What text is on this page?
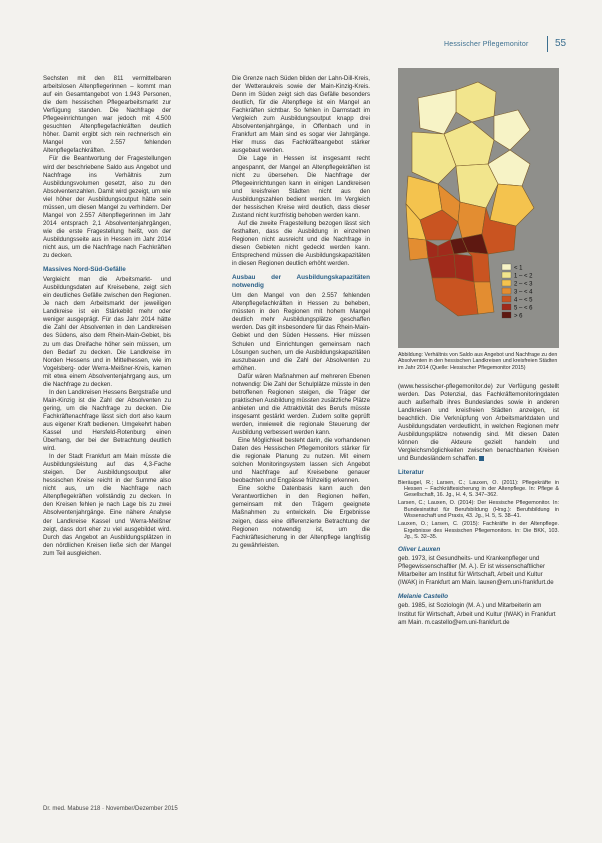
Hessischer Pflegemonitor	55

Sechsten mit den 811 vermittelbaren arbeitslosen Altenpflegerinnen – kommt man auf ein Gesamtangebot von 1.943 Personen, die dem hessischen Pflegearbeitsmarkt zur Verfügung standen. Die Nachfrage der Pflegeeinrichtungen war jedoch mit 4.500 gesuchten Altenpflegefachkräften deutlich höher. Damit ergibt sich rein rechnerisch ein Mangel von 2.557 fehlenden Altenpflegefachkräften.

Für die Beantwortung der Fragestellungen wird der beschriebene Saldo aus Angebot und Nachfrage ins Verhältnis zum Ausbildungsvolumen gesetzt, also zu den Absolventenzahlen. Damit wird gezeigt, um wie viel höher der Ausbildungsoutput hätte sein müssen, um diesen Mangel zu verhindern. Der Mangel von 2.557 Altenpflegerinnen im Jahr 2014 entsprach 2,1 Absolventenjahrgängen, wie die erste Fragestellung heißt, von der Ausbildungsseite aus in Hessen im Jahr 2014 nicht aus, um die Nachfrage nach Fachkräften zu decken.

Massives Nord-Süd-Gefälle

Vergleicht man die Arbeitsmarkt- und Ausbildungsdaten auf Kreisebene, zeigt sich ein deutliches Gefälle zwischen den Regionen. Je nach dem Arbeitsmarkt der jeweiligen Landkreise ist ein Stärkebild mehr oder weniger ausgeprägt. Für das Jahr 2014 hätte die Zahl der Absolventen in den Landkreisen des Südens, also dem Rhein-Main-Gebiet, bis zu um das Dreifache höher sein müssen, um den Bedarf zu decken. Die Landkreise im Norden Hessens und in Mittelhessen, wie im Vogelsberg- oder Werra-Meißner-Kreis, kamen mit etwa einem Absolventenjahrgang aus, um die Nachfrage zu decken.

In den Landkreisen Hessens Bergstraße und Main-Kinzig ist die Zahl der Absolventen zu gering, um die Nachfrage zu decken. Die Fachkräftenachfrage lässt sich dort also kaum aus eigener Kraft bedienen. Umgekehrt haben Kassel und Hersfeld-Rotenburg einen Überhang, der bei der Betrachtung deutlich wird.

In der Stadt Frankfurt am Main müsste die Ausbildungsleistung auf das 4,3-Fache steigen. Der Ausbildungsoutput aller hessischen Kreise reicht in der Summe also nicht aus, um die Nachfrage nach Altenpflegekräften vollständig zu decken. In den Kreisen fehlen je nach Lage bis zu zwei Absolventenjahrgänge. Eine nähere Analyse der Landkreise Kassel und Werra-Meißner zeigt, dass dort eher zu viel ausgebildet wird. Durch das Angebot an Ausbildungsplätzen in den nördlichen Kreisen ließe sich der Mangel zum Teil ausgleichen.

Die Grenze nach Süden bilden der Lahn-Dill-Kreis, der Wetteraukreis sowie der Main-Kinzig-Kreis. Denn im Süden zeigt sich das Gefälle besonders deutlich, für die Altenpflege ist ein Mangel an Fachkräften sichtbar. So fehlen in Darmstadt im Vergleich zum Ausbildungsoutput knapp drei Absolventenjahrgänge, in Offenbach und in Frankfurt am Main sind es sogar vier Jahrgänge. Hier muss das Fachkräfteangebot stärker ausgebaut werden.

Die Lage in Hessen ist insgesamt recht angespannt, der Mangel an Altenpflegekräften ist nicht zu übersehen. Die Nachfrage der Pflegeeinrichtungen kann in einigen Landkreisen und kreisfreien Städten nicht aus den Ausbildungszahlen bedient werden. Im Vergleich der hessischen Kreise wird deutlich, dass dieser Zustand nicht kurzfristig behoben werden kann.

Auf die zweite Fragestellung bezogen lässt sich festhalten, dass die Ausbildung in einzelnen Regionen nicht ausreicht und die Nachfrage in diesen Gebieten nicht gedeckt werden kann. Entsprechend müssen die Ausbildungskapazitäten in diesen Regionen deutlich erhöht werden.

Ausbau der Ausbildungskapazitäten notwendig

Um den Mangel von den 2.557 fehlenden Altenpflegefachkräften in Hessen zu beheben, müssten in den Regionen mit hohem Mangel deutlich mehr Ausbildungsplätze geschaffen werden. Das gilt insbesondere für das Rhein-Main-Gebiet und den Süden Hessens. Hier müssen Schulen und Einrichtungen gemeinsam nach Lösungen suchen, um die Ausbildungskapazitäten auszubauen und die Zahl der Absolventen zu erhöhen.

Dafür wären Maßnahmen auf mehreren Ebenen notwendig: Die Zahl der Schulplätze müsste in den betroffenen Regionen steigen, die Träger der praktischen Ausbildung müssten zusätzliche Plätze anbieten und die Attraktivität des Berufs müsste insgesamt gestärkt werden. Zudem sollte geprüft werden, inwieweit die regionale Steuerung der Ausbildung verbessert werden kann.

Eine Möglichkeit besteht darin, die vorhandenen Daten des Hessischen Pflegemonitors stärker für die regionale Planung zu nutzen. Mit einem solchen Monitoringsystem lassen sich Angebot und Nachfrage auf Kreisebene genauer beobachten und Engpässe frühzeitig erkennen.

Eine solche Datenbasis kann auch den Verantwortlichen in den Regionen helfen, gemeinsam mit den Trägern geeignete Maßnahmen zu entwickeln. Die Ergebnisse zeigen, dass eine differenzierte Betrachtung der Regionen notwendig ist, um die Fachkräftesicherung in der Altenpflege langfristig zu gewährleisten.

< 1
1 – < 2
2 – < 3
3 – < 4
4 – < 5
5 – < 6
> 6
Abbildung: Verhältnis von Saldo aus Angebot und Nachfrage zu den Absolventen in den hessischen Landkreisen und kreisfreien Städten im Jahr 2014 (Quelle: Hessischer Pflegemonitor 2015)

(www.hessischer-pflegemonitor.de) zur Verfügung gestellt werden. Das Potenzial, das Fachkräftemonitoringdaten auch außerhalb ihres Bundeslandes sowie in anderen Landkreisen und kreisfreien Städten anzeigen, ist beachtlich. Die Verknüpfung von Arbeitsmarktdaten und Ausbildungsdaten verdeutlicht, in welchen Regionen mehr Ausbildungsplätze notwendig sind. Mit diesen Daten können die Akteure gezielt handeln und Vergleichsmöglichkeiten zwischen benachbarten Kreisen und Bundesländern schaffen.

Literatur

Bieräugel, R.; Larsen, C.; Lauxen, O. (2011): Pflegekräfte in Hessen – Fachkräftesicherung in der Altenpflege. In: Pflege & Gesellschaft, 16. Jg., H. 4, S. 347–362.

Larsen, C.; Lauxen, O. (2014): Der Hessische Pflegemonitor. In: Bundesinstitut für Berufsbildung (Hrsg.): Berufsbildung in Wissenschaft und Praxis, 43. Jg., H. 5, S. 38–41.

Lauxen, O.; Larsen, C. (2015): Fachkräfte in der Altenpflege. Ergebnisse des Hessischen Pflegemonitors. In: Die BKK, 103. Jg., S. 32–35.

Oliver Lauxen

geb. 1973, ist Gesundheits- und Krankenpfleger und Pflegewissenschaftler (M. A.). Er ist wissenschaftlicher Mitarbeiter am Institut für Wirtschaft, Arbeit und Kultur (IWAK) in Frankfurt am Main. lauxen@em.uni-frankfurt.de

Melanie Castello

geb. 1985, ist Soziologin (M. A.) und Mitarbeiterin am Institut für Wirtschaft, Arbeit und Kultur (IWAK) in Frankfurt am Main. m.castello@em.uni-frankfurt.de

Dr. med. Mabuse 218 · November/Dezember 2015
